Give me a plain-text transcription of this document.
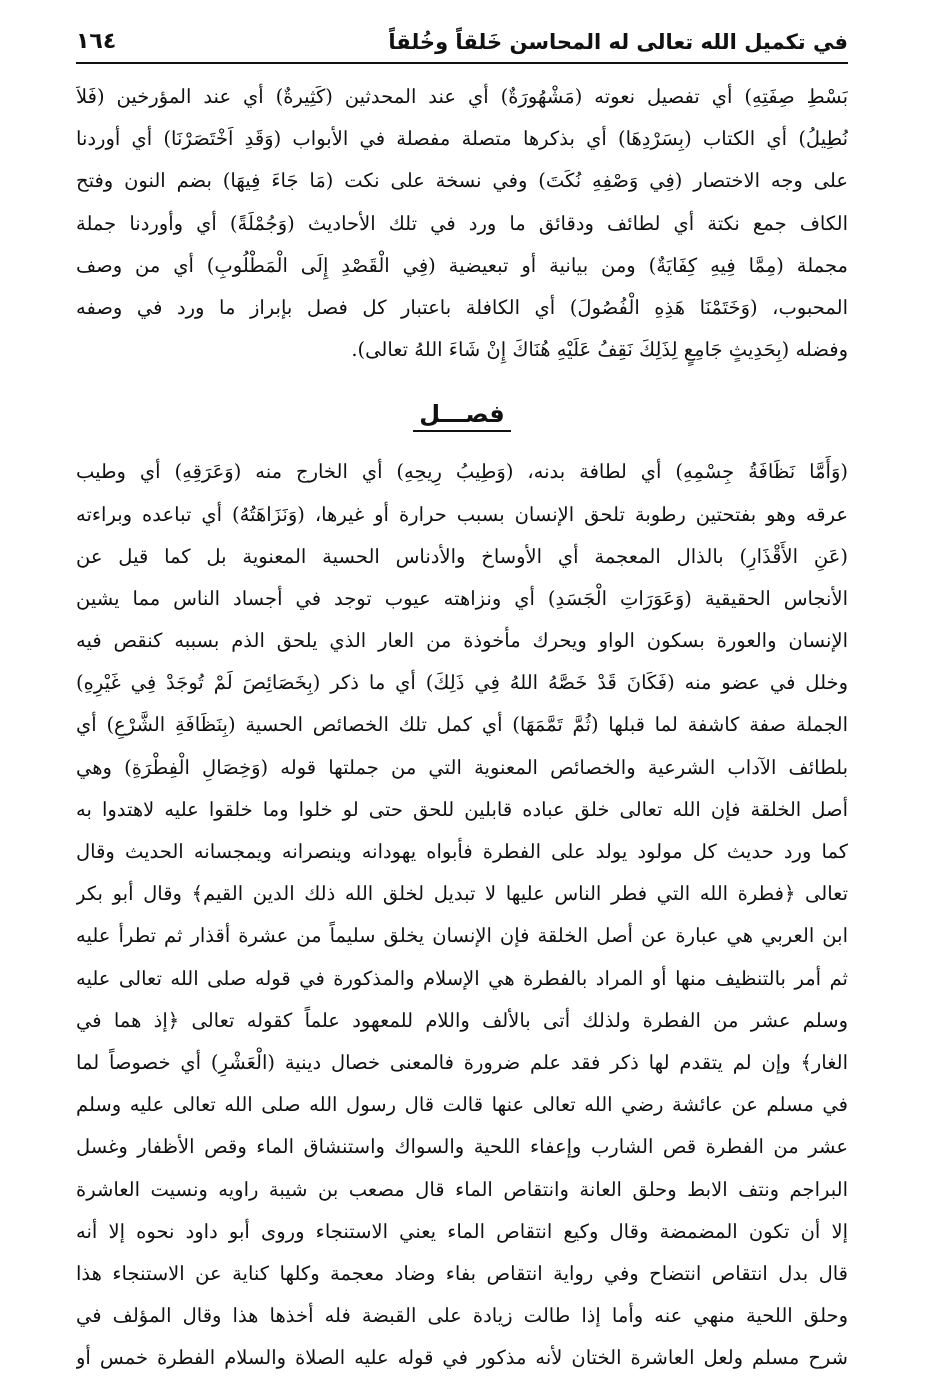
في تكميل الله تعالى له المحاسن خَلقاً وخُلقاً
١٦٤
بَسْطِ صِفَتِهِ) أي تفصيل نعوته (مَشْهُورَةٌ) أي عند المحدثين (كَثِيرةٌ) أي عند المؤرخين (فَلاَ
نُطِيلُ) أي الكتاب (بِسَرْدِهَا) أي بذكرها متصلة مفصلة في الأبواب (وَقَدِ اَخْتَصَرْنَا) أي أوردنا
على وجه الاختصار (فِي وَصْفِهِ نُكَتَ) وفي نسخة على نكت (مَا جَاءَ فِيهَا) بضم النون وفتح
الكاف جمع نكتة أي لطائف ودقائق ما ورد في تلك الأحاديث (وَجُمْلَةً) أي وأوردنا جملة
مجملة (مِمَّا فِيهِ كِفَايَةٌ) ومن بيانية أو تبعيضية (فِي الْقَصْدِ إِلَى الْمَطْلُوبِ) أي من وصف
المحبوب، (وَخَتَمْنَا هَذِهِ الْفُصُولَ) أي الكافلة باعتبار كل فصل بإبراز ما ورد في وصفه
وفضله (بِحَدِيثٍ جَامِعٍ لِذَلِكَ نَقِفُ عَلَيْهِ هُنَاكَ إِنْ شَاءَ اللهُ تعالى).
فصـــل
(وَأَمَّا نَظَافَةُ جِسْمِهِ) أي لطافة بدنه، (وَطِيبُ رِيحِهِ) أي الخارج منه (وَعَرَقِهِ) أي وطيب
عرقه وهو بفتحتين رطوبة تلحق الإنسان بسبب حرارة أو غيرها، (وَنَزَاهَتُهُ) أي تباعده وبراءته
(عَنِ الأَقْذَارِ) بالذال المعجمة أي الأوساخ والأدناس الحسية المعنوية بل كما قيل عن
الأنجاس الحقيقية (وَعَوَرَاتِ الْجَسَدِ) أي ونزاهته عيوب توجد في أجساد الناس مما يشين
الإنسان والعورة بسكون الواو ويحرك مأخوذة من العار الذي يلحق الذم بسببه كنقص فيه
وخلل في عضو منه (فَكَانَ قَدْ خَصَّهُ اللهُ فِي ذَلِكَ) أي ما ذكر (بِخَصَائِصَ لَمْ تُوجَدْ فِي غَيْرِهِ)
الجملة صفة كاشفة لما قبلها (ثُمَّ تَمَّمَهَا) أي كمل تلك الخصائص الحسية (بِنَظَافَةِ الشَّرْعِ) أي
بلطائف الآداب الشرعية والخصائص المعنوية التي من جملتها قوله (وَخِصَالِ الْفِطْرَةِ) وهي
أصل الخلقة فإن الله تعالى خلق عباده قابلين للحق حتى لو خلوا وما خلقوا عليه لاهتدوا به
كما ورد حديث كل مولود يولد على الفطرة فأبواه يهودانه وينصرانه ويمجسانه الحديث وقال
تعالى ﴿فطرة الله التي فطر الناس عليها لا تبديل لخلق الله ذلك الدين القيم﴾ وقال أبو بكر
ابن العربي هي عبارة عن أصل الخلقة فإن الإنسان يخلق سليماً من عشرة أقذار ثم تطرأ عليه
ثم أمر بالتنظيف منها أو المراد بالفطرة هي الإسلام والمذكورة في قوله صلى الله تعالى عليه
وسلم عشر من الفطرة ولذلك أتى بالألف واللام للمعهود علماً كقوله تعالى ﴿إذ هما في
الغار﴾ وإن لم يتقدم لها ذكر فقد علم ضرورة فالمعنى خصال دينية (الْعَشْرِ) أي خصوصاً لما
في مسلم عن عائشة رضي الله تعالى عنها قالت قال رسول الله صلى الله تعالى عليه وسلم
عشر من الفطرة قص الشارب وإعفاء اللحية والسواك واستنشاق الماء وقص الأظفار وغسل
البراجم ونتف الابط وحلق العانة وانتقاص الماء قال مصعب بن شيبة راويه ونسيت العاشرة
إلا أن تكون المضمضة وقال وكيع انتقاص الماء يعني الاستنجاء وروى أبو داود نحوه إلا أنه
قال بدل انتقاص انتضاح وفي رواية انتقاص بفاء وضاد معجمة وكلها كناية عن الاستنجاء هذا
وحلق اللحية منهي عنه وأما إذا طالت زيادة على القبضة فله أخذها هذا وقال المؤلف في
شرح مسلم ولعل العاشرة الختان لأنه مذكور في قوله عليه الصلاة والسلام الفطرة خمس أو
